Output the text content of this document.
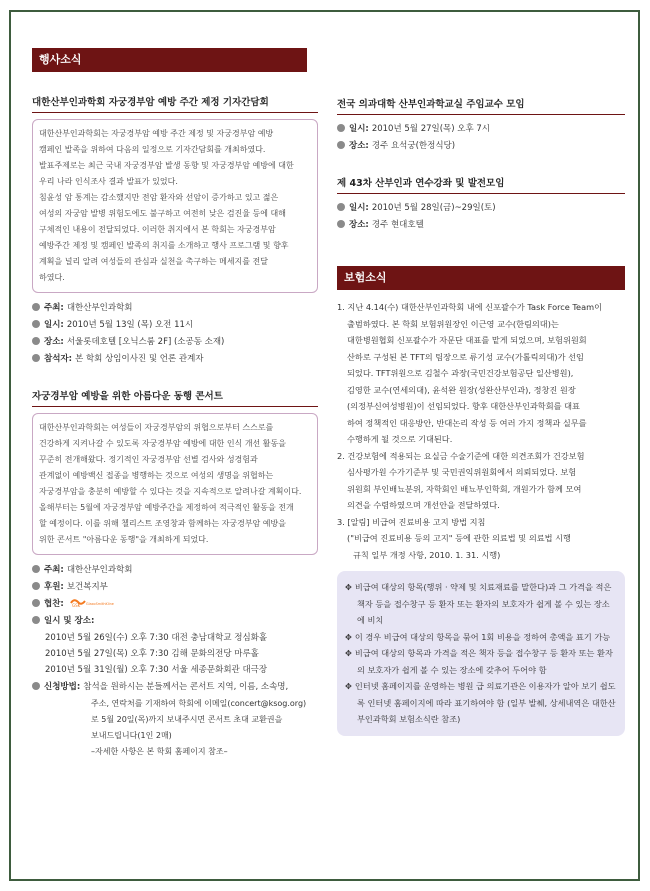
행사소식
대한산부인과학회 자궁경부암 예방 주간 제정 기자간담회
대한산부인과학회는 자궁경부암 예방 주간 제정 및 자궁경부암 예방
캠페인 발족을 위하여 다음의 일정으로 기자간담회를 개최하였다.
발표주제로는 최근 국내 자궁경부암 발생 동향 및 자궁경부암 예방에 대한
우리 나라 인식조사 결과 발표가 있었다.
침윤성 암 통계는 감소했지만 전암 환자와 선암이 증가하고 있고 젊은
여성의 자궁암 발병 위험도에도 불구하고 여전히 낮은 검진율 등에 대해
구체적인 내용이 전달되었다. 이러한 취지에서 본 학회는 자궁경부암
예방주간 제정 및 캠페인 발족의 취지를 소개하고 행사 프로그램 및 향후
계획을 널리 알려 여성들의 관심과 실천을 촉구하는 메세지를 전달
하였다.
주최: 대한산부인과학회
일시: 2010년 5월 13일 (목) 오전 11시
장소: 서울롯데호텔 [오닉스룸 2F] (소공동 소재)
참석자: 본 학회 상임이사진 및 언론 관계자
자궁경부암 예방을 위한 아름다운 동행 콘서트
대한산부인과학회는 여성들이 자궁경부암의 위협으로부터 스스로를
건강하게 지켜나갈 수 있도록 자궁경부암 예방에 대한 인식 개선 활동을
꾸준히 전개해왔다. 정기적인 자궁경부암 선별 검사와 성경험과
관계없이 예방백신 접종을 병행하는 것으로 여성의 생명을 위협하는
자궁경부암을 충분히 예방할 수 있다는 것을 지속적으로 알려나갈 계획이다.
올해부터는 5월에 자궁경부암 예방주간을 제정하여 적극적인 활동을 전개
할 예정이다. 이를 위해 첼리스트 조영창과 함께하는 자궁경부암 예방을
위한 콘서트 "아름다운 동행"을 개최하게 되었다.
주최: 대한산부인과학회
후원: 보건복지부
협찬: GSK GlaxoSmithKline
일시 및 장소:
2010년 5월 26일(수) 오후 7:30 대전 충남대학교 정심화홀
2010년 5월 27일(목) 오후 7:30 김해 문화의전당 마루홀
2010년 5월 31일(월) 오후 7:30 서울 세종문화회관 대극장
신청방법: 참석을 원하시는 분들께서는 콘서트 지역, 이름, 소속명,
주소, 연락처를 기재하여 학회에 이메일(concert@ksog.org)
로 5월 20일(목)까지 보내주시면 콘서트 초대 교환권을
보내드립니다(1인 2매)
–자세한 사항은 본 학회 홈페이지 참조–
전국 의과대학 산부인과학교실 주임교수 모임
일시: 2010년 5월 27일(목) 오후 7시
장소: 경주 요석궁(한정식당)
제 43차 산부인과 연수강좌 및 발전모임
일시: 2010년 5월 28일(금)~29일(토)
장소: 경주 현대호텔
보험소식
1. 지난 4.14(수) 대한산부인과학회 내에 신포괄수가 Task Force Team이
출범하였다. 본 학회 보험위원장인 이근영 교수(한림의대)는
대한병원협회 신포괄수가 자문단 대표를 맡게 되었으며, 보험위원회
산하로 구성된 본 TFT의 팀장으로 류기성 교수(가톨릭의대)가 선임
되었다. TFT위원으로 김철수 과장(국민건강보험공단 일산병원),
김영한 교수(연세의대), 윤석완 원장(성완산부인과), 정창진 원장
(의정부신여성병원)이 선임되었다. 향후 대한산부인과학회를 대표
하여 정책적인 대응방안, 반대논리 작성 등 여러 가지 정책과 실무를
수행하게 될 것으로 기대된다.
2. 건강보험에 적용되는 요실금 수술기준에 대한 의견조회가 건강보험
심사평가원 수가기준부 및 국민권익위원회에서 의뢰되었다. 보험
위원회 부인배뇨분위, 자학회인 배뇨부인학회, 개원가가 함께 모여
의견을 수렴하였으며 개선안을 전달하였다.
3. [알림] 비급여 진료비용 고지 방법 지침
("비급여 진료비용 등의 고지" 등에 관한 의료법 및 의료법 시행
규칙 일부 개정 사항, 2010. 1. 31. 시행)
✥ 비급여 대상의 항목(행위 · 약제 및 치료재료를 말한다)과 그 가격을 적은 책자 등을 접수창구 등 환자 또는 환자의 보호자가 쉽게 볼 수 있는 장소에 비치
✥ 이 경우 비급여 대상의 항목을 묶어 1회 비용을 정하여 총액을 표기 가능
✥ 비급여 대상의 항목과 가격을 적은 책자 등을 접수창구 등 환자 또는 환자의 보호자가 쉽게 볼 수 있는 장소에 갖추어 두어야 함
✥ 인터넷 홈페이지를 운영하는 병원 급 의료기관은 이용자가 알아 보기 쉽도록 인터넷 홈페이지에 따라 표기하여야 함 (일부 발췌, 상세내역은 대한산부인과학회 보험소식란 참조)
